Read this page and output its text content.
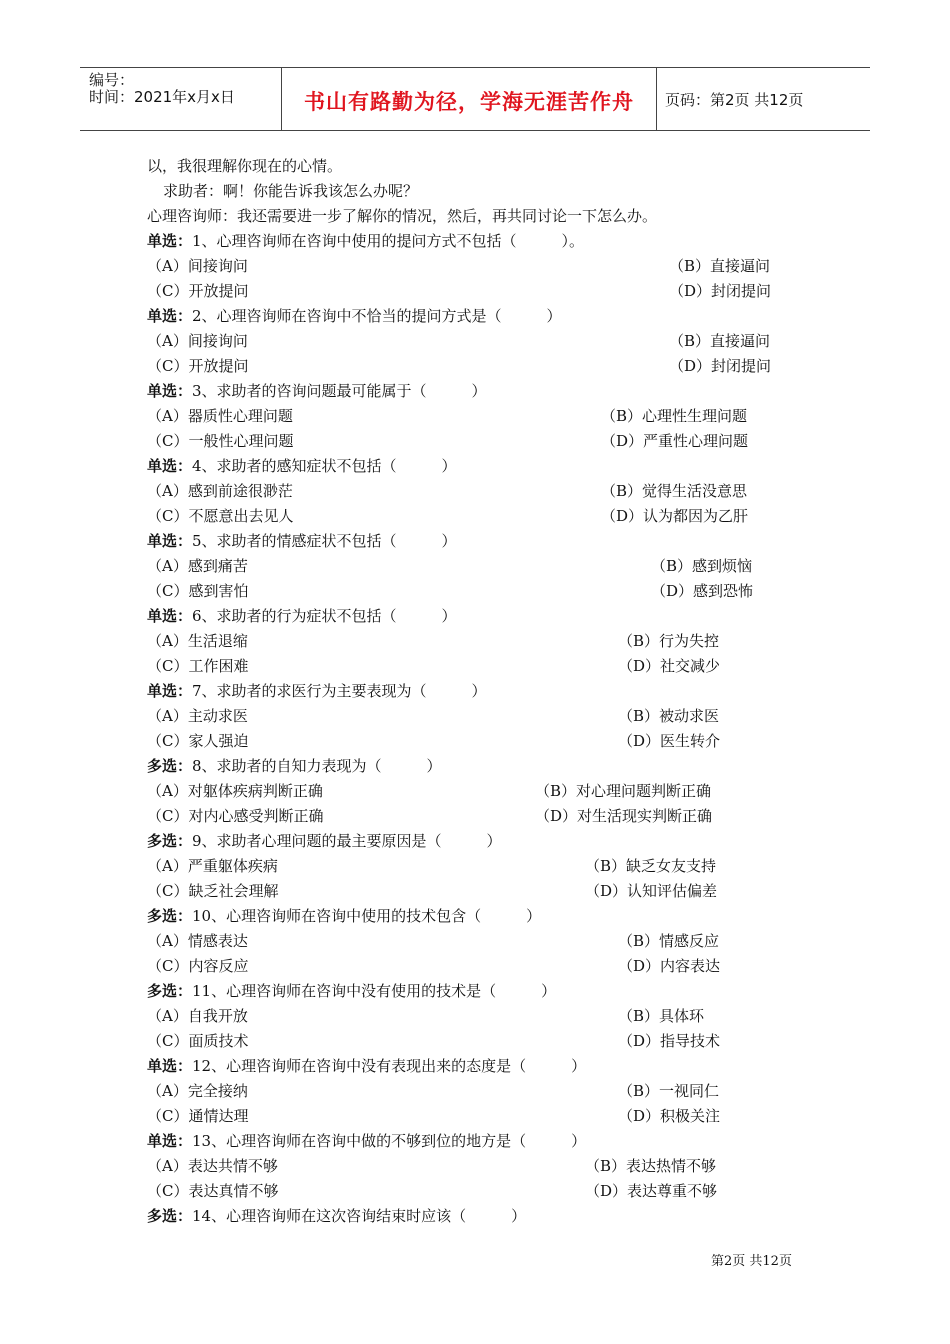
编号：
时间：2021年x月x日	书山有路勤为径，学海无涯苦作舟	页码：第2页 共12页
以，我很理解你现在的心情。
求助者：啊！你能告诉我该怎么办呢？
心理咨询师：我还需要进一步了解你的情况，然后，再共同讨论一下怎么办。
单选：1、心理咨询师在咨询中使用的提问方式不包括（　　　）。
（A）间接询问	（B）直接逼问
（C）开放提问	（D）封闭提问
单选：2、心理咨询师在咨询中不恰当的提问方式是（　　　）
（A）间接询问	（B）直接逼问
（C）开放提问	（D）封闭提问
单选：3、求助者的咨询问题最可能属于（　　　）
（A）器质性心理问题	（B）心理性生理问题
（C）一般性心理问题	（D）严重性心理问题
单选：4、求助者的感知症状不包括（　　　）
（A）感到前途很渺茫	（B）觉得生活没意思
（C）不愿意出去见人	（D）认为都因为乙肝
单选：5、求助者的情感症状不包括（　　　）
（A）感到痛苦	（B）感到烦恼
（C）感到害怕	（D）感到恐怖
单选：6、求助者的行为症状不包括（　　　）
（A）生活退缩	（B）行为失控
（C）工作困难	（D）社交减少
单选：7、求助者的求医行为主要表现为（　　　）
（A）主动求医	（B）被动求医
（C）家人强迫	（D）医生转介
多选：8、求助者的自知力表现为（　　　）
（A）对躯体疾病判断正确	（B）对心理问题判断正确
（C）对内心感受判断正确	（D）对生活现实判断正确
多选：9、求助者心理问题的最主要原因是（　　　）
（A）严重躯体疾病	（B）缺乏女友支持
（C）缺乏社会理解	（D）认知评估偏差
多选：10、心理咨询师在咨询中使用的技术包含（　　　）
（A）情感表达	（B）情感反应
（C）内容反应	（D）内容表达
多选：11、心理咨询师在咨询中没有使用的技术是（　　　）
（A）自我开放	（B）具体环
（C）面质技术	（D）指导技术
单选：12、心理咨询师在咨询中没有表现出来的态度是（　　　）
（A）完全接纳	（B）一视同仁
（C）通情达理	（D）积极关注
单选：13、心理咨询师在咨询中做的不够到位的地方是（　　　）
（A）表达共情不够	（B）表达热情不够
（C）表达真情不够	（D）表达尊重不够
多选：14、心理咨询师在这次咨询结束时应该（　　　）
第2页 共12页
